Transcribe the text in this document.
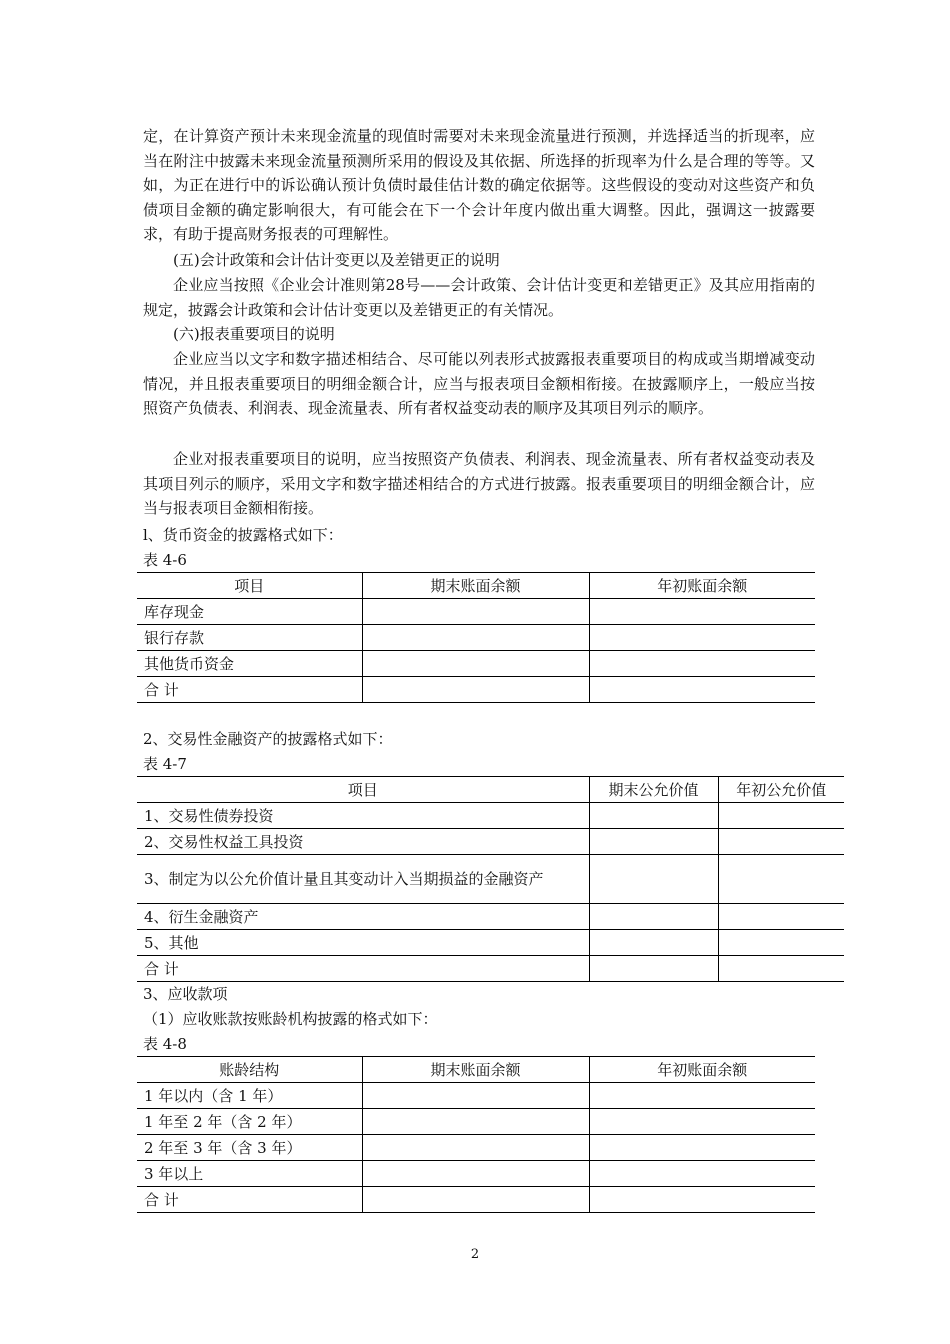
定，在计算资产预计未来现金流量的现值时需要对未来现金流量进行预测，并选择适当的折现率，应当在附注中披露未来现金流量预测所采用的假设及其依据、所选择的折现率为什么是合理的等等。又如，为正在进行中的诉讼确认预计负债时最佳估计数的确定依据等。这些假设的变动对这些资产和负债项目金额的确定影响很大，有可能会在下一个会计年度内做出重大调整。因此，强调这一披露要求，有助于提高财务报表的可理解性。

(五)会计政策和会计估计变更以及差错更正的说明

企业应当按照《企业会计准则第28号——会计政策、会计估计变更和差错更正》及其应用指南的规定，披露会计政策和会计估计变更以及差错更正的有关情况。

(六)报表重要项目的说明

企业应当以文字和数字描述相结合、尽可能以列表形式披露报表重要项目的构成或当期增减变动情况，并且报表重要项目的明细金额合计，应当与报表项目金额相衔接。在披露顺序上，一般应当按照资产负债表、利润表、现金流量表、所有者权益变动表的顺序及其项目列示的顺序。

企业对报表重要项目的说明，应当按照资产负债表、利润表、现金流量表、所有者权益变动表及其项目列示的顺序，采用文字和数字描述相结合的方式进行披露。报表重要项目的明细金额合计，应当与报表项目金额相衔接。

l、货币资金的披露格式如下：

表 4-6

项目	期末账面余额	年初账面余额
库存现金		
银行存款		
其他货币资金		
合 计		

2、交易性金融资产的披露格式如下：

表 4-7

项目	期末公允价值	年初公允价值
1、交易性债券投资		
2、交易性权益工具投资		
3、制定为以公允价值计量且其变动计入当期损益的金融资产		
4、衍生金融资产		
5、其他		
合 计		

3、应收款项

（1）应收账款按账龄机构披露的格式如下：

表 4-8

账龄结构	期末账面余额	年初账面余额
1 年以内（含 1 年）		
1 年至 2 年（含 2 年）		
2 年至 3 年（含 3 年）		
3 年以上		
合 计		
2
